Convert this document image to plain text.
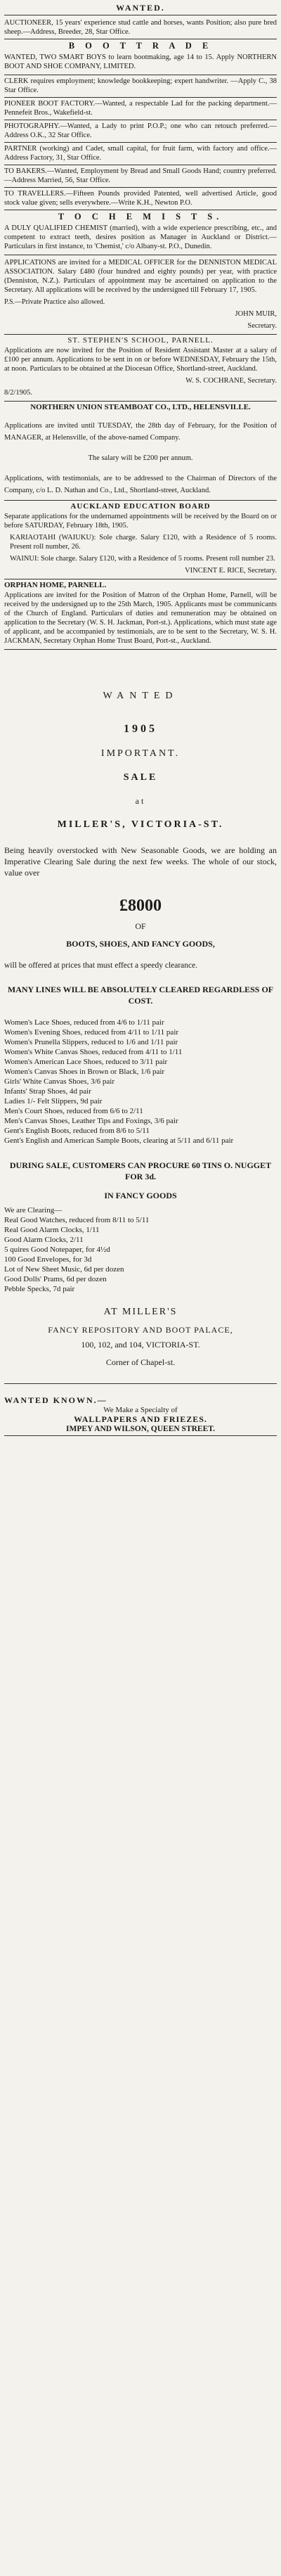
WANTED.

AUCTIONEER, 15 years' experience stud cattle and horses, wants Position; also pure bred sheep.—Address, Breeder, 28, Star Office.

B O O T T R A D E

WANTED, TWO SMART BOYS to learn bootmaking, age 14 to 15. Apply NORTHERN BOOT AND SHOE COMPANY, LIMITED.

CLERK requires employment; knowledge bookkeeping; expert handwriter. —Apply C., 38 Star Office.

PIONEER BOOT FACTORY.—Wanted, a respectable Lad for the packing department.—Pennefeit Bros., Wakefield-st.

PHOTOGRAPHY.—Wanted, a Lady to print P.O.P.; one who can retouch preferred.—Address O.K., 32 Star Office.

PARTNER (working) and Cadet, small capital, for fruit farm, with factory and office.—Address Factory, 31, Star Office.

TO BAKERS.—Wanted, Employment by Bread and Small Goods Hand; country preferred.—Address Married, 56, Star Office.

TO TRAVELLERS.—Fifteen Pounds provided Patented, well advertised Article, good stock value given; sells everywhere.—Write K.H., Newton P.O.

T O C H E M I S T S.

A DULY QUALIFIED CHEMIST (married), with a wide experience prescribing, etc., and competent to extract teeth, desires position as Manager in Auckland or District.—Particulars in first instance, to 'Chemist,' c/o Albany-st. P.O., Dunedin.

APPLICATIONS are invited for a MEDICAL OFFICER for the DENNISTON MEDICAL ASSOCIATION. Salary £480 (four hundred and eighty pounds) per year, with practice (Denniston, N.Z.). Particulars of appointment may be ascertained on application to the Secretary. All applications will be received by the undersigned till February 17, 1905.

P.S.—Private Practice also allowed.

JOHN MUIR,

Secretary.

ST. STEPHEN'S SCHOOL, PARNELL.

Applications are now invited for the Position of Resident Assistant Master at a salary of £100 per annum. Applications to be sent in on or before WEDNESDAY, February the 15th, at noon. Particulars to be obtained at the Diocesan Office, Shortland-street, Auckland.

W. S. COCHRANE, Secretary.

8/2/1905.

NORTHERN UNION STEAMBOAT CO., LTD., HELENSVILLE.

Applications are invited until TUESDAY, the 28th day of February, for the Position of MANAGER, at Helensville, of the above-named Company.

The salary will be £200 per annum.

Applications, with testimonials, are to be addressed to the Chairman of Directors of the Company, c/o L. D. Nathan and Co., Ltd., Shortland-street, Auckland.

AUCKLAND EDUCATION BOARD

Separate applications for the undernamed appointments will be received by the Board on or before SATURDAY, February 18th, 1905.

KARIAOTAHI (WAIUKU): Sole charge. Salary £120, with a Residence of 5 rooms. Present roll number, 26.

WAINUI: Sole charge. Salary £120, with a Residence of 5 rooms. Present roll number 23.

VINCENT E. RICE, Secretary.

ORPHAN HOME, PARNELL.

Applications are invited for the Position of Matron of the Orphan Home, Parnell, will be received by the undersigned up to the 25th March, 1905. Applicants must be communicants of the Church of England. Particulars of duties and remuneration may be obtained on application to the Secretary (W. S. H. Jackman, Port-st.). Applications, which must state age of applicant, and be accompanied by testimonials, are to be sent to the Secretary, W. S. H. JACKMAN, Secretary Orphan Home Trust Board, Port-st., Auckland.

WANTED
1905
IMPORTANT.
SALE
at
MILLER'S, VICTORIA-ST.

Being heavily overstocked with New Seasonable Goods, we are holding an Imperative Clearing Sale during the next few weeks. The whole of our stock, value over

£8000
OF
BOOTS, SHOES, AND FANCY GOODS,

will be offered at prices that must effect a speedy clearance.

MANY LINES WILL BE ABSOLUTELY CLEARED REGARDLESS OF COST.

Women's Lace Shoes, reduced from 4/6 to 1/11 pair

Women's Evening Shoes, reduced from 4/11 to 1/11 pair

Women's Prunella Slippers, reduced to 1/6 and 1/11 pair

Women's White Canvas Shoes, reduced from 4/11 to 1/11

Women's American Lace Shoes, reduced to 3/11 pair

Women's Canvas Shoes in Brown or Black, 1/6 pair

Girls' White Canvas Shoes, 3/6 pair

Infants' Strap Shoes, 4d pair

Ladies 1/- Felt Slippers, 9d pair

Men's Court Shoes, reduced from 6/6 to 2/11

Men's Canvas Shoes, Leather Tips and Foxings, 3/6 pair

Gent's English Boots, reduced from 8/6 to 5/11

Gent's English and American Sample Boots, clearing at 5/11 and 6/11 pair

DURING SALE, CUSTOMERS CAN PROCURE 60 TINS O. NUGGET FOR 3d.

IN FANCY GOODS

We are Clearing—

Real Good Watches, reduced from 8/11 to 5/11

Real Good Alarm Clocks, 1/11

Good Alarm Clocks, 2/11

5 quires Good Notepaper, for 4½d

100 Good Envelopes, for 3d

Lot of New Sheet Music, 6d per dozen

Good Dolls' Prams, 6d per dozen

Pebble Specks, 7d pair

AT MILLER'S
FANCY REPOSITORY AND BOOT PALACE,
100, 102, and 104, VICTORIA-ST.
Corner of Chapel-st.
WANTED KNOWN.—
We Make a Specialty of
WALLPAPERS AND FRIEZES.
IMPEY AND WILSON, QUEEN STREET.
